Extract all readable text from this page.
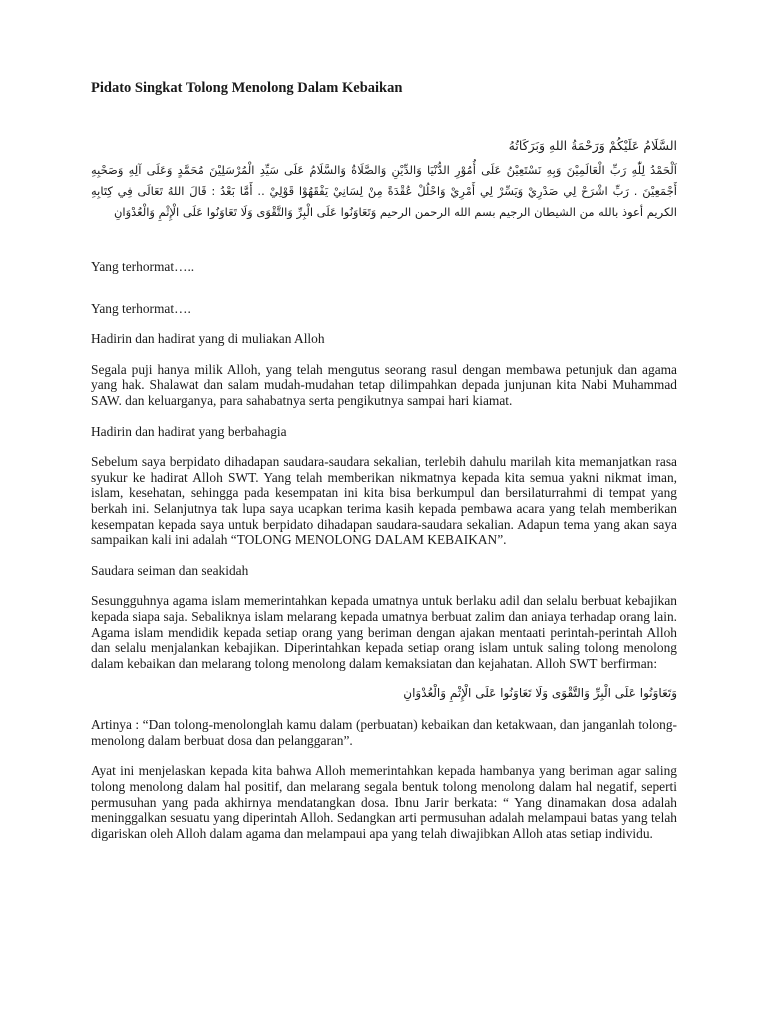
Pidato Singkat Tolong Menolong Dalam Kebaikan

السَّلَامُ عَلَيْكُمْ وَرَحْمَةُ اللهِ وَبَرَكَاتُهُ

اَلْحَمْدُ لِلّٰهِ رَبِّ الْعَالَمِيْنَ وَبِهِ نَسْتَعِيْنُ عَلَى أُمُوْرِ الدُّنْيَا وَالدِّيْنِ وَالصَّلَاةُ وَالسَّلَامُ عَلَى سَيِّدِ الْمُرْسَلِيْنَ مُحَمَّدٍ وَعَلَى آلِهِ وَصَحْبِهِ أَجْمَعِيْنَ . رَبِّ اشْرَحْ لِي صَدْرِيْ وَيَسِّرْ لِي أَمْرِيْ وَاحْلُلْ عُقْدَةً مِنْ لِسَانِيْ يَفْقَهُوْا قَوْلِيْ .. أَمَّا بَعْدُ : قَالَ اللهُ تَعَالَى فِي كِتَابِهِ الكريم أعوذ بالله من الشيطان الرجيم بسم الله الرحمن الرحيم وَتَعَاوَنُوا عَلَى الْبِرِّ وَالتَّقْوَى وَلَا تَعَاوَنُوا عَلَى الْإِثْمِ وَالْعُدْوَانِ

Yang terhormat…..

Yang terhormat….

Hadirin dan hadirat yang di muliakan Alloh

Segala puji hanya milik Alloh, yang telah mengutus seorang rasul dengan membawa petunjuk dan agama yang hak. Shalawat dan salam mudah-mudahan tetap dilimpahkan depada junjunan kita Nabi Muhammad SAW. dan keluarganya, para sahabatnya serta pengikutnya sampai hari kiamat.

Hadirin dan hadirat yang berbahagia

Sebelum saya berpidato dihadapan saudara-saudara sekalian, terlebih dahulu marilah kita memanjatkan rasa syukur ke hadirat Alloh SWT. Yang telah memberikan nikmatnya kepada kita semua yakni nikmat iman, islam, kesehatan, sehingga pada kesempatan ini kita bisa berkumpul dan bersilaturrahmi di tempat yang berkah ini. Selanjutnya tak lupa saya ucapkan terima kasih kepada pembawa acara yang telah memberikan kesempatan kepada saya untuk berpidato dihadapan saudara-saudara sekalian. Adapun tema yang akan saya sampaikan kali ini adalah “TOLONG MENOLONG DALAM KEBAIKAN”.

Saudara seiman dan seakidah

Sesungguhnya agama islam memerintahkan kepada umatnya untuk berlaku adil dan selalu berbuat kebajikan kepada siapa saja. Sebaliknya islam melarang kepada umatnya berbuat zalim dan aniaya terhadap orang lain. Agama islam mendidik kepada setiap orang yang beriman dengan ajakan mentaati perintah-perintah Alloh dan selalu menjalankan kebajikan. Diperintahkan kepada setiap orang islam untuk saling tolong menolong dalam kebaikan dan melarang tolong menolong dalam kemaksiatan dan kejahatan. Alloh SWT berfirman:

وَتَعَاوَنُوا عَلَى الْبِرِّ وَالتَّقْوَى وَلَا تَعَاوَنُوا عَلَى الْإِثْمِ وَالْعُدْوَانِ

Artinya : “Dan tolong-menolonglah kamu dalam (perbuatan) kebaikan dan ketakwaan, dan janganlah tolong-menolong dalam berbuat dosa dan pelanggaran”.

Ayat ini menjelaskan kepada kita bahwa Alloh memerintahkan kepada hambanya yang beriman agar saling tolong menolong dalam hal positif, dan melarang segala bentuk tolong menolong dalam hal negatif, seperti permusuhan yang pada akhirnya mendatangkan dosa. Ibnu Jarir berkata: “ Yang dinamakan dosa adalah meninggalkan sesuatu yang diperintah Alloh. Sedangkan arti permusuhan adalah melampaui batas yang telah digariskan oleh Alloh dalam agama dan melampaui apa yang telah diwajibkan Alloh atas setiap individu.
